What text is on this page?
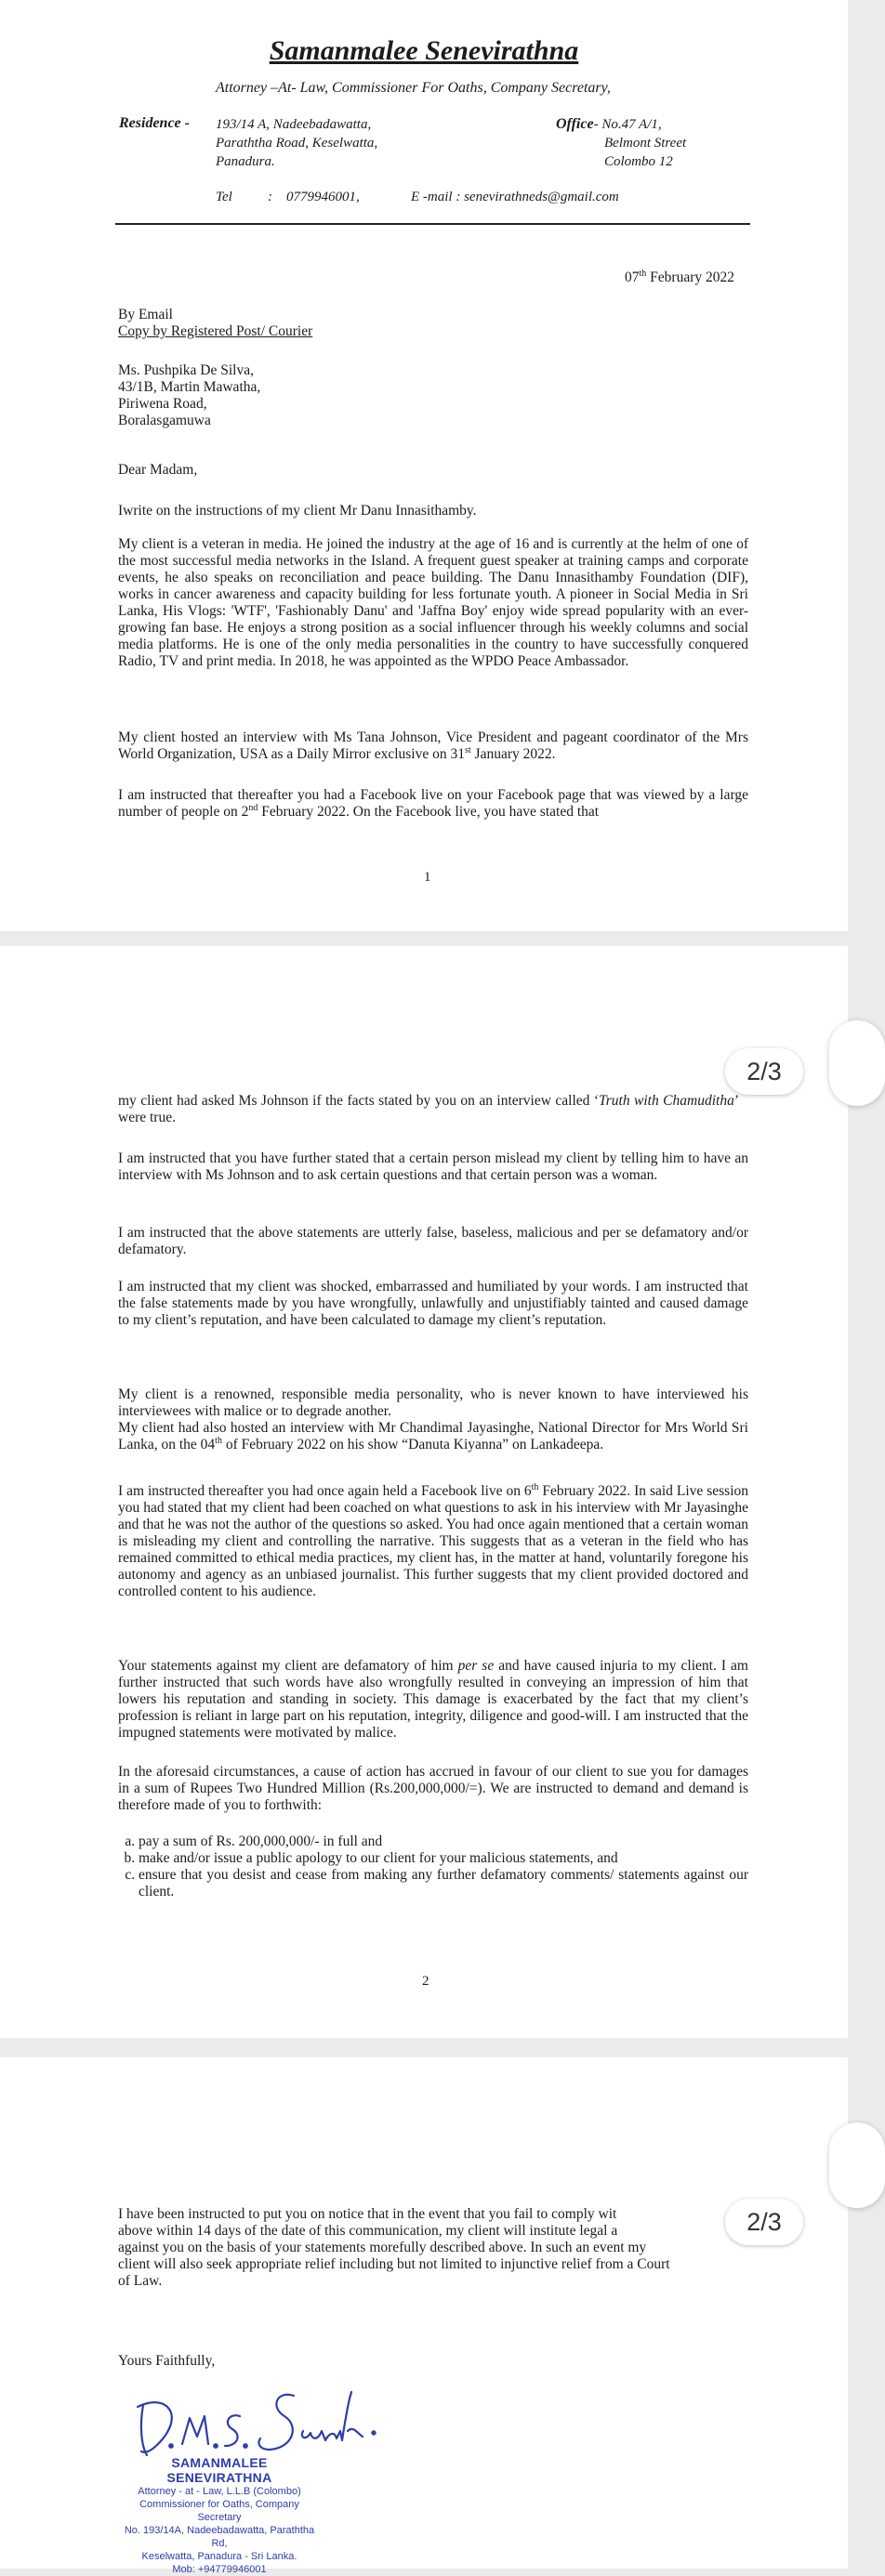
Samanmalee Senevirathna
Attorney –At- Law, Commissioner For Oaths, Company Secretary,
Residence - 193/14 A, Nadeebadawatta,
Paraththa Road, Keselwatta,
Panadura.
Office- No.47 A/1,
Belmont Street
Colombo 12
Tel	: 0779946001,	E -mail : senevirathneds@gmail.com
07th February 2022
By Email
Copy by Registered Post/ Courier
Ms. Pushpika De Silva,
43/1B, Martin Mawatha,
Piriwena Road,
Boralasgamuwa
Dear Madam,
Iwrite on the instructions of my client Mr Danu Innasithamby.
My client is a veteran in media. He joined the industry at the age of 16 and is currently at the helm of one of the most successful media networks in the Island. A frequent guest speaker at training camps and corporate events, he also speaks on reconciliation and peace building. The Danu Innasithamby Foundation (DIF), works in cancer awareness and capacity building for less fortunate youth. A pioneer in Social Media in Sri Lanka, His Vlogs: 'WTF', 'Fashionably Danu' and 'Jaffna Boy' enjoy wide spread popularity with an ever-growing fan base. He enjoys a strong position as a social influencer through his weekly columns and social media platforms. He is one of the only media personalities in the country to have successfully conquered Radio, TV and print media. In 2018, he was appointed as the WPDO Peace Ambassador.
My client hosted an interview with Ms Tana Johnson, Vice President and pageant coordinator of the Mrs World Organization, USA as a Daily Mirror exclusive on 31st January 2022.
I am instructed that thereafter you had a Facebook live on your Facebook page that was viewed by a large number of people on 2nd February 2022. On the Facebook live, you have stated that
1
2/3
my client had asked Ms Johnson if the facts stated by you on an interview called ‘Truth with Chamuditha’ were true.
I am instructed that you have further stated that a certain person mislead my client by telling him to have an interview with Ms Johnson and to ask certain questions and that certain person was a woman.
I am instructed that the above statements are utterly false, baseless, malicious and per se defamatory and/or defamatory.
I am instructed that my client was shocked, embarrassed and humiliated by your words. I am instructed that the false statements made by you have wrongfully, unlawfully and unjustifiably tainted and caused damage to my client’s reputation, and have been calculated to damage my client’s reputation.
My client is a renowned, responsible media personality, who is never known to have interviewed his interviewees with malice or to degrade another.
My client had also hosted an interview with Mr Chandimal Jayasinghe, National Director for Mrs World Sri Lanka, on the 04th of February 2022 on his show “Danuta Kiyanna” on Lankadeepa.
I am instructed thereafter you had once again held a Facebook live on 6th February 2022. In said Live session you had stated that my client had been coached on what questions to ask in his interview with Mr Jayasinghe and that he was not the author of the questions so asked. You had once again mentioned that a certain woman is misleading my client and controlling the narrative. This suggests that as a veteran in the field who has remained committed to ethical media practices, my client has, in the matter at hand, voluntarily foregone his autonomy and agency as an unbiased journalist. This further suggests that my client provided doctored and controlled content to his audience.
Your statements against my client are defamatory of him per se and have caused injuria to my client. I am further instructed that such words have also wrongfully resulted in conveying an impression of him that lowers his reputation and standing in society. This damage is exacerbated by the fact that my client’s profession is reliant in large part on his reputation, integrity, diligence and good-will. I am instructed that the impugned statements were motivated by malice.
In the aforesaid circumstances, a cause of action has accrued in favour of our client to sue you for damages in a sum of Rupees Two Hundred Million (Rs.200,000,000/=). We are instructed to demand and demand is therefore made of you to forthwith:
a. pay a sum of Rs. 200,000,000/- in full and
b. make and/or issue a public apology to our client for your malicious statements, and
c. ensure that you desist and cease from making any further defamatory comments/ statements against our client.
2
I have been instructed to put you on notice that in the event that you fail to comply wit
above within 14 days of the date of this communication, my client will institute legal a
against you on the basis of your statements morefully described above. In such an event my
client will also seek appropriate relief including but not limited to injunctive relief from a Court
of Law.
2/3
Yours Faithfully,
SAMANMALEE SENEVIRATHNA
Attorney - at - Law, L.L.B (Colombo)
Commissioner for Oaths, Company Secretary
No. 193/14A, Nadeebadawatta, Paraththa Rd,
Keselwatta, Panadura - Sri Lanka.
Mob: +94779946001
